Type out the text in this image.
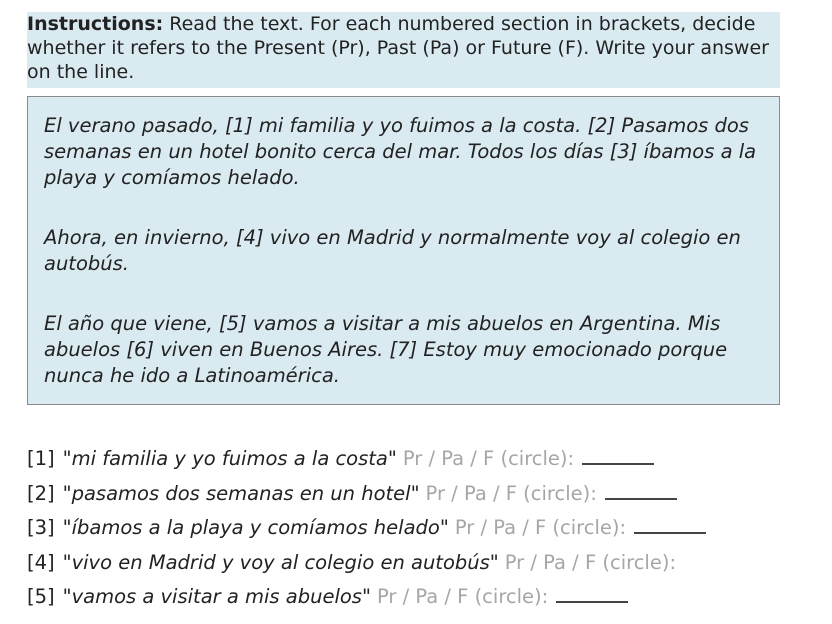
Instructions: Read the text. For each numbered section in brackets, decide whether it refers to the Present (Pr), Past (Pa) or Future (F). Write your answer on the line.

El verano pasado, [1] mi familia y yo fuimos a la costa. [2] Pasamos dos semanas en un hotel bonito cerca del mar. Todos los días [3] íbamos a la playa y comíamos helado.

Ahora, en invierno, [4] vivo en Madrid y normalmente voy al colegio en autobús.

El año que viene, [5] vamos a visitar a mis abuelos en Argentina. Mis abuelos [6] viven en Buenos Aires. [7] Estoy muy emocionado porque nunca he ido a Latinoamérica.

[1] "mi familia y yo fuimos a la costa" Pr / Pa / F (circle):
[2] "pasamos dos semanas en un hotel" Pr / Pa / F (circle):
[3] "íbamos a la playa y comíamos helado" Pr / Pa / F (circle):
[4] "vivo en Madrid y voy al colegio en autobús" Pr / Pa / F (circle):
[5] "vamos a visitar a mis abuelos" Pr / Pa / F (circle):
